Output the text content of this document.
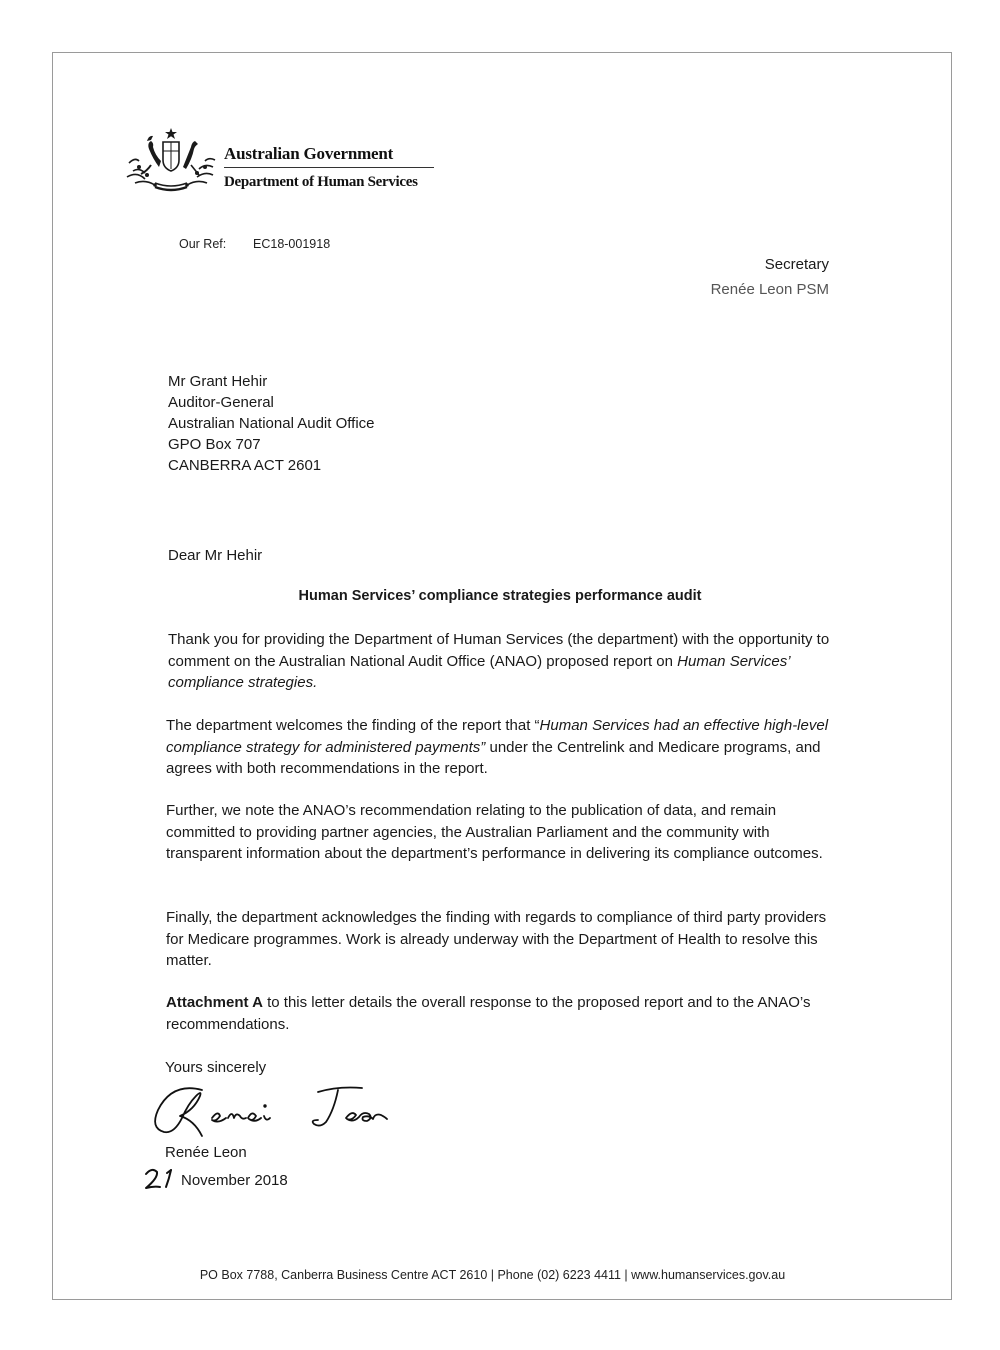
Australian Government
Department of Human Services
Our Ref: EC18-001918
Secretary
Renée Leon PSM
Mr Grant Hehir
Auditor-General
Australian National Audit Office
GPO Box 707
CANBERRA ACT 2601
Dear Mr Hehir
Human Services’ compliance strategies performance audit

Thank you for providing the Department of Human Services (the department) with the opportunity to comment on the Australian National Audit Office (ANAO) proposed report on Human Services’ compliance strategies.

The department welcomes the finding of the report that “Human Services had an effective high-level compliance strategy for administered payments” under the Centrelink and Medicare programs, and agrees with both recommendations in the report.

Further, we note the ANAO’s recommendation relating to the publication of data, and remain committed to providing partner agencies, the Australian Parliament and the community with transparent information about the department’s performance in delivering its compliance outcomes.

Finally, the department acknowledges the finding with regards to compliance of third party providers for Medicare programmes. Work is already underway with the Department of Health to resolve this matter.

Attachment A to this letter details the overall response to the proposed report and to the ANAO’s recommendations.

Yours sincerely
Renée Leon
November 2018
PO Box 7788, Canberra Business Centre ACT 2610 | Phone (02) 6223 4411 | www.humanservices.gov.au
